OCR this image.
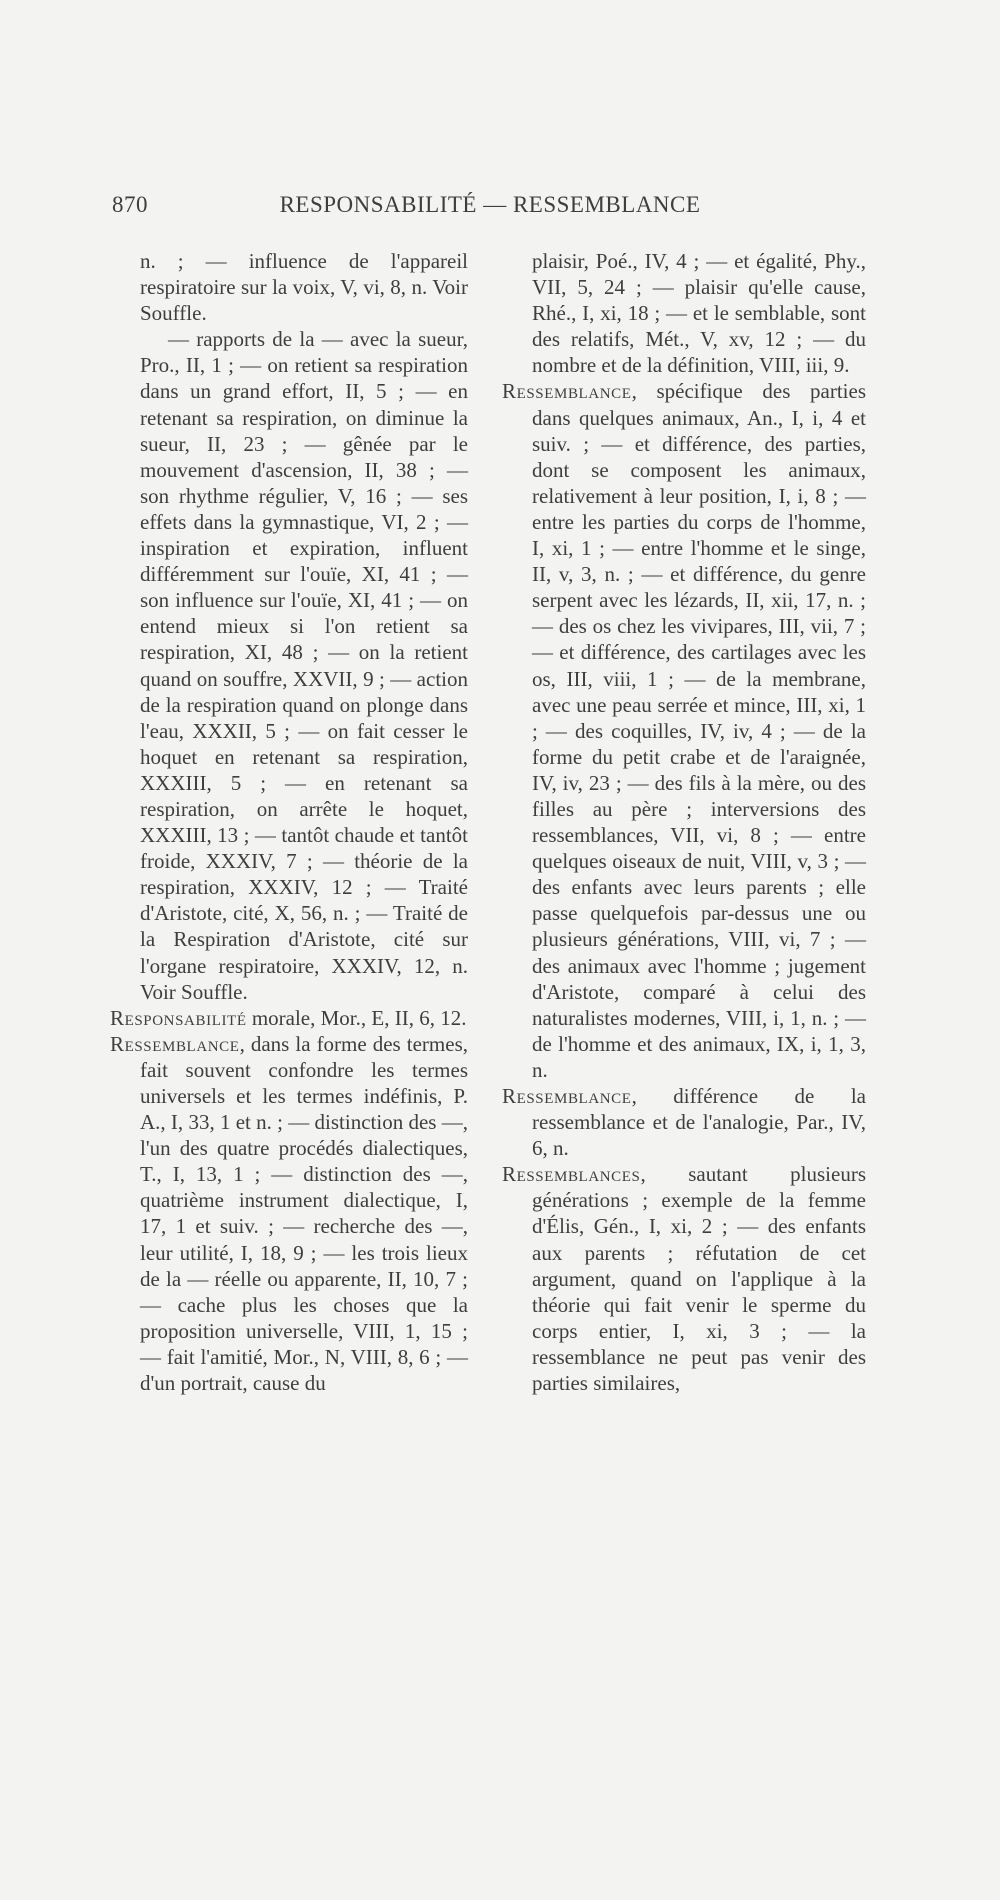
870	RESPONSABILITÉ — RESSEMBLANCE

n. ; — influence de l'appareil respiratoire sur la voix, V, vi, 8, n. Voir Souffle.

— rapports de la — avec la sueur, Pro., II, 1 ; — on retient sa respiration dans un grand effort, II, 5 ; — en retenant sa respiration, on diminue la sueur, II, 23 ; — gênée par le mouvement d'ascension, II, 38 ; — son rhythme régulier, V, 16 ; — ses effets dans la gymnastique, VI, 2 ; — inspiration et expiration, influent différemment sur l'ouïe, XI, 41 ; — son influence sur l'ouïe, XI, 41 ; — on entend mieux si l'on retient sa respiration, XI, 48 ; — on la retient quand on souffre, XXVII, 9 ; — action de la respiration quand on plonge dans l'eau, XXXII, 5 ; — on fait cesser le hoquet en retenant sa respiration, XXXIII, 5 ; — en retenant sa respiration, on arrête le hoquet, XXXIII, 13 ; — tantôt chaude et tantôt froide, XXXIV, 7 ; — théorie de la respiration, XXXIV, 12 ; — Traité d'Aristote, cité, X, 56, n. ; — Traité de la Respiration d'Aristote, cité sur l'organe respiratoire, XXXIV, 12, n. Voir Souffle.

Responsabilité morale, Mor., E, II, 6, 12.

Ressemblance, dans la forme des termes, fait souvent confondre les termes universels et les termes indéfinis, P. A., I, 33, 1 et n. ; — distinction des —, l'un des quatre procédés dialectiques, T., I, 13, 1 ; — distinction des —, quatrième instrument dialectique, I, 17, 1 et suiv. ; — recherche des —, leur utilité, I, 18, 9 ; — les trois lieux de la — réelle ou apparente, II, 10, 7 ; — cache plus les choses que la proposition universelle, VIII, 1, 15 ; — fait l'amitié, Mor., N, VIII, 8, 6 ; — d'un portrait, cause du

plaisir, Poé., IV, 4 ; — et égalité, Phy., VII, 5, 24 ; — plaisir qu'elle cause, Rhé., I, xi, 18 ; — et le semblable, sont des relatifs, Mét., V, xv, 12 ; — du nombre et de la définition, VIII, iii, 9.

Ressemblance, spécifique des parties dans quelques animaux, An., I, i, 4 et suiv. ; — et différence, des parties, dont se composent les animaux, relativement à leur position, I, i, 8 ; — entre les parties du corps de l'homme, I, xi, 1 ; — entre l'homme et le singe, II, v, 3, n. ; — et différence, du genre serpent avec les lézards, II, xii, 17, n. ; — des os chez les vivipares, III, vii, 7 ; — et différence, des cartilages avec les os, III, viii, 1 ; — de la membrane, avec une peau serrée et mince, III, xi, 1 ; — des coquilles, IV, iv, 4 ; — de la forme du petit crabe et de l'araignée, IV, iv, 23 ; — des fils à la mère, ou des filles au père ; interversions des ressemblances, VII, vi, 8 ; — entre quelques oiseaux de nuit, VIII, v, 3 ; — des enfants avec leurs parents ; elle passe quelquefois par-dessus une ou plusieurs générations, VIII, vi, 7 ; — des animaux avec l'homme ; jugement d'Aristote, comparé à celui des naturalistes modernes, VIII, i, 1, n. ; — de l'homme et des animaux, IX, i, 1, 3, n.

Ressemblance, différence de la ressemblance et de l'analogie, Par., IV, 6, n.

Ressemblances, sautant plusieurs générations ; exemple de la femme d'Élis, Gén., I, xi, 2 ; — des enfants aux parents ; réfutation de cet argument, quand on l'applique à la théorie qui fait venir le sperme du corps entier, I, xi, 3 ; — la ressemblance ne peut pas venir des parties similaires,
